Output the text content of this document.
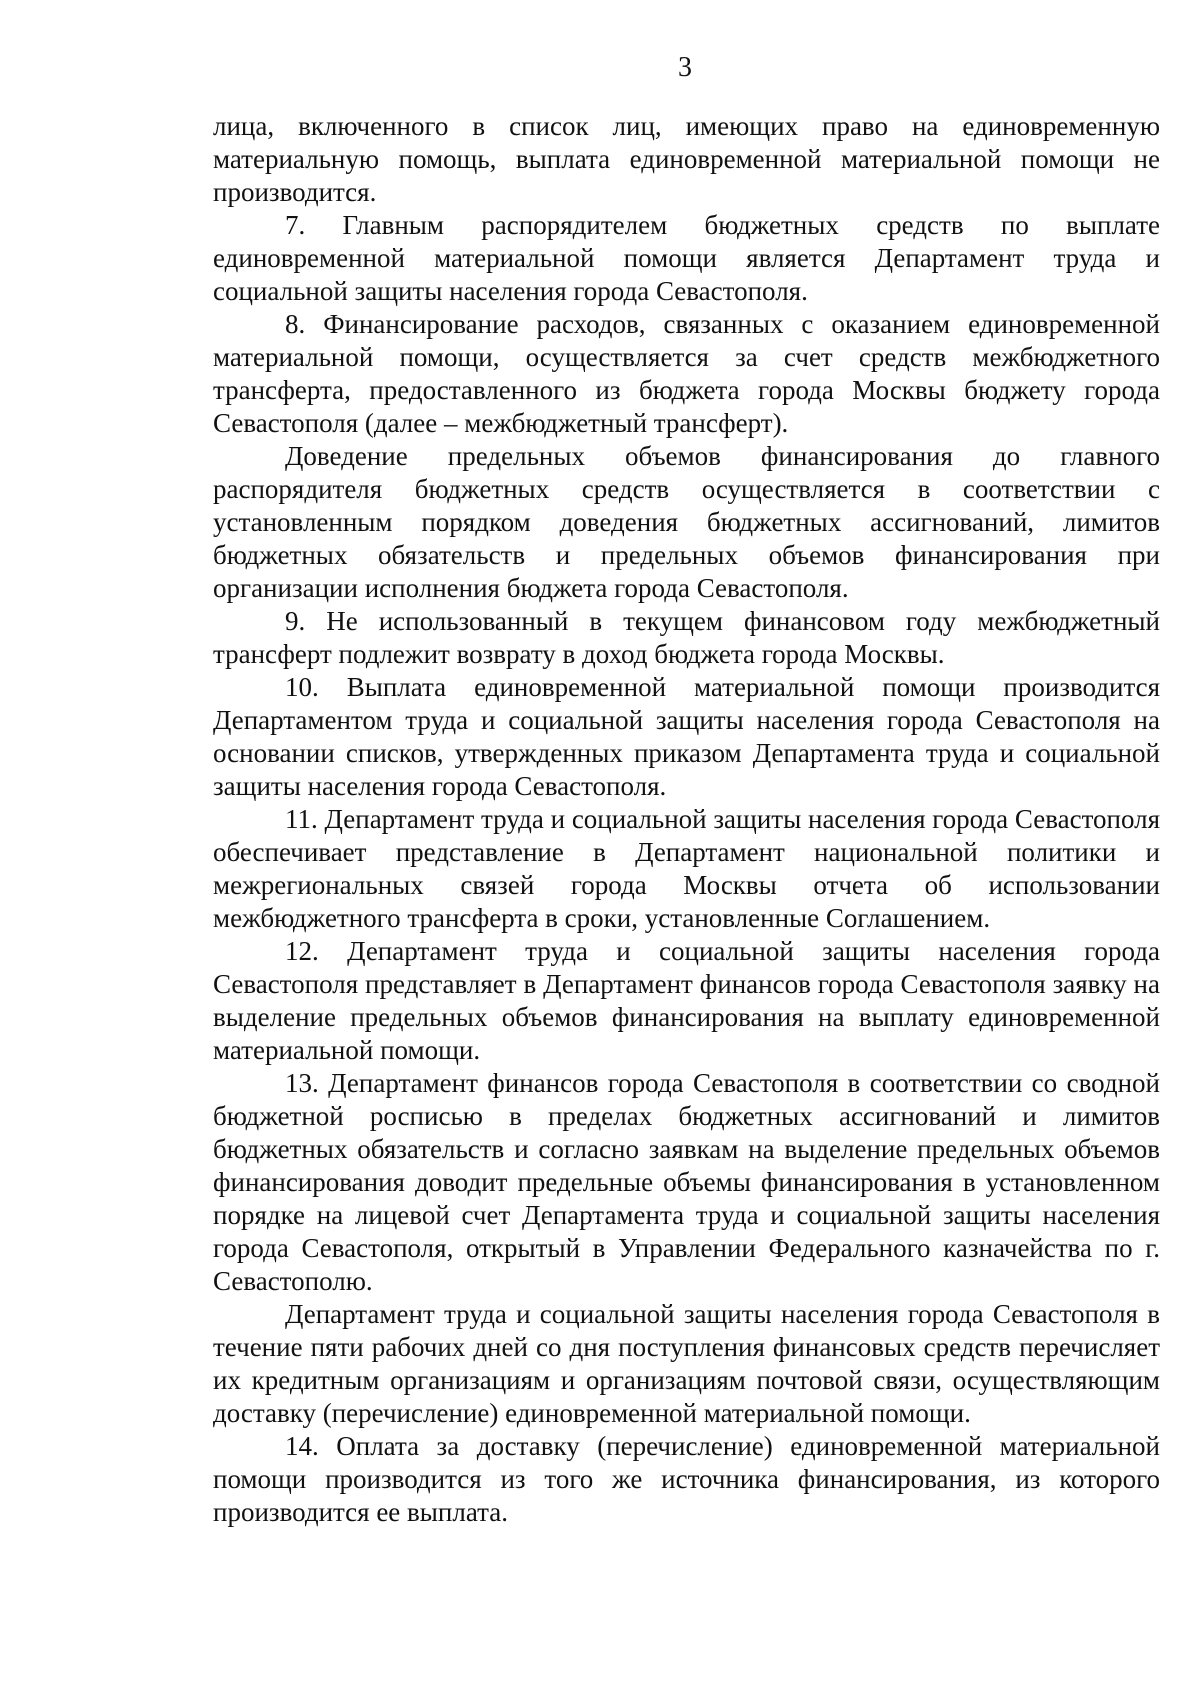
3

лица, включенного в список лиц, имеющих право на единовременную материальную помощь, выплата единовременной материальной помощи не производится.

7. Главным распорядителем бюджетных средств по выплате единовременной материальной помощи является Департамент труда и социальной защиты населения города Севастополя.

8. Финансирование расходов, связанных с оказанием единовременной материальной помощи, осуществляется за счет средств межбюджетного трансферта, предоставленного из бюджета города Москвы бюджету города Севастополя (далее – межбюджетный трансферт).

Доведение предельных объемов финансирования до главного распорядителя бюджетных средств осуществляется в соответствии с установленным порядком доведения бюджетных ассигнований, лимитов бюджетных обязательств и предельных объемов финансирования при организации исполнения бюджета города Севастополя.

9. Не использованный в текущем финансовом году межбюджетный трансферт подлежит возврату в доход бюджета города Москвы.

10. Выплата единовременной материальной помощи производится Департаментом труда и социальной защиты населения города Севастополя на основании списков, утвержденных приказом Департамента труда и социальной защиты населения города Севастополя.

11. Департамент труда и социальной защиты населения города Севастополя обеспечивает представление в Департамент национальной политики и межрегиональных связей города Москвы отчета об использовании межбюджетного трансферта в сроки, установленные Соглашением.

12. Департамент труда и социальной защиты населения города Севастополя представляет в Департамент финансов города Севастополя заявку на выделение предельных объемов финансирования на выплату единовременной материальной помощи.

13. Департамент финансов города Севастополя в соответствии со сводной бюджетной росписью в пределах бюджетных ассигнований и лимитов бюджетных обязательств и согласно заявкам на выделение предельных объемов финансирования доводит предельные объемы финансирования в установленном порядке на лицевой счет Департамента труда и социальной защиты населения города Севастополя, открытый в Управлении Федерального казначейства по г. Севастополю.

Департамент труда и социальной защиты населения города Севастополя в течение пяти рабочих дней со дня поступления финансовых средств перечисляет их кредитным организациям и организациям почтовой связи, осуществляющим доставку (перечисление) единовременной материальной помощи.

14. Оплата за доставку (перечисление) единовременной материальной помощи производится из того же источника финансирования, из которого производится ее выплата.
